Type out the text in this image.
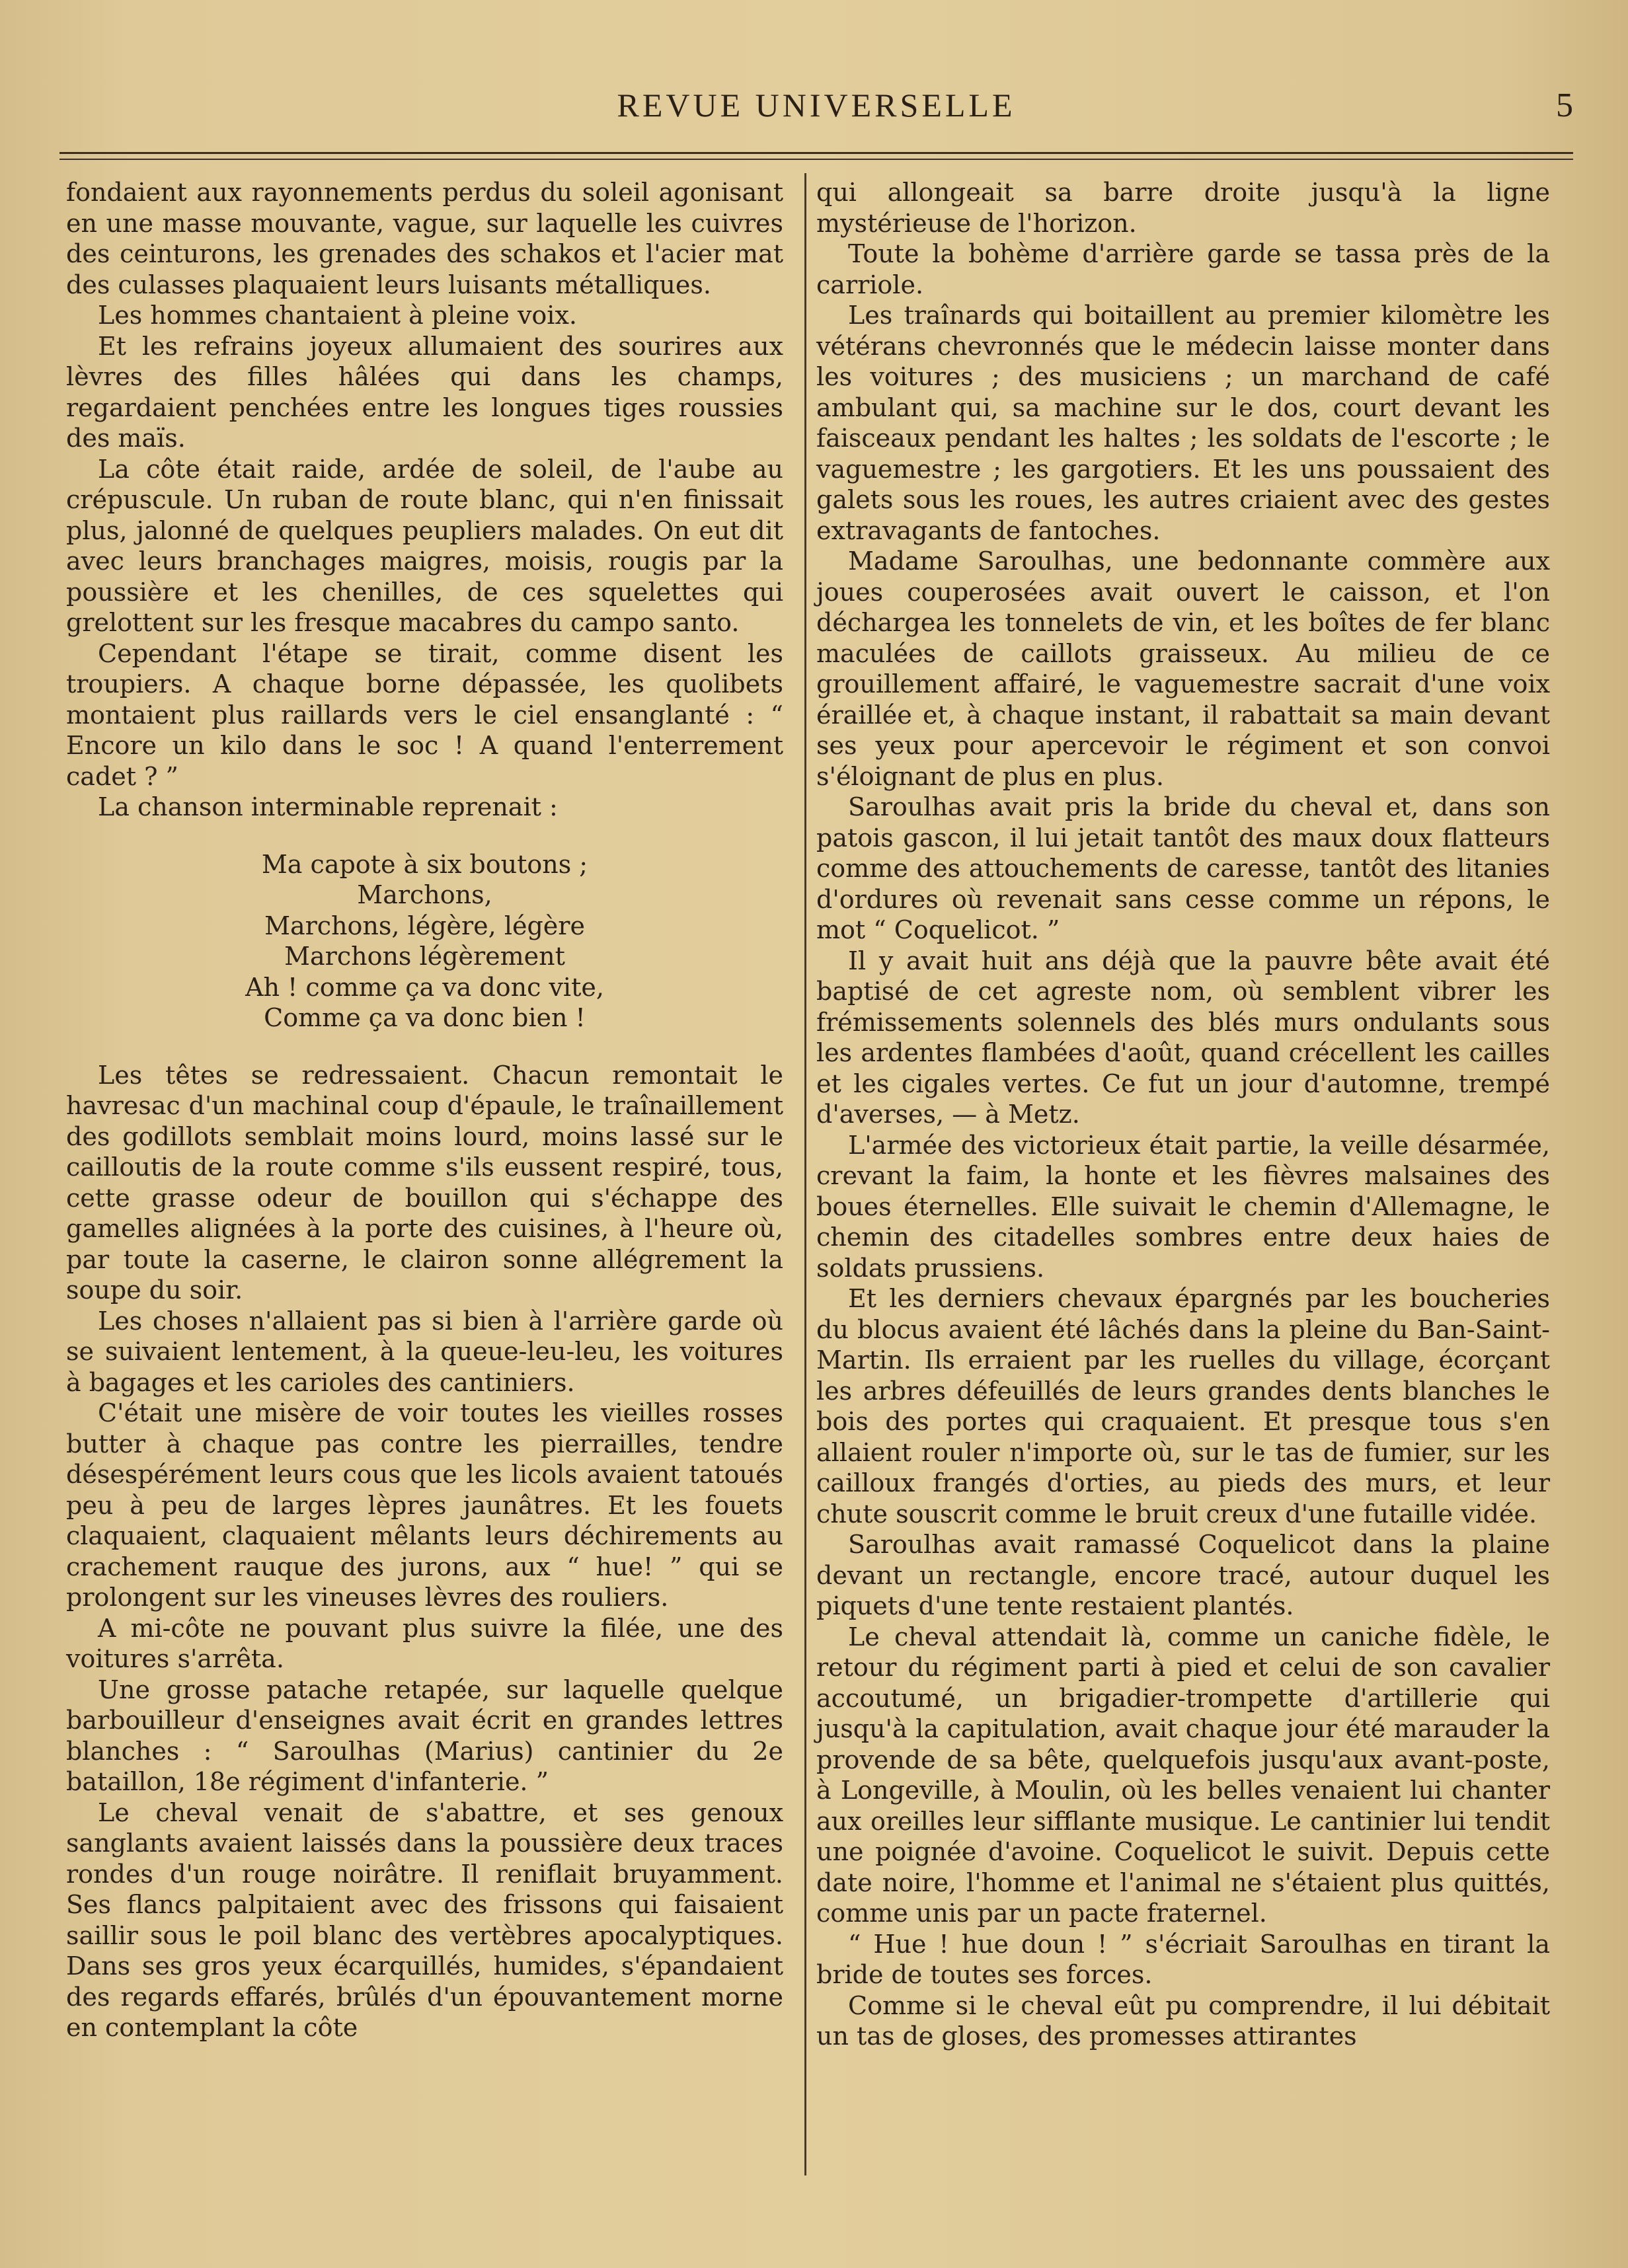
REVUE UNIVERSELLE	5

fondaient aux rayonnements perdus du soleil agonisant en une masse mouvante, vague, sur laquelle les cuivres des ceinturons, les grenades des schakos et l'acier mat des culasses plaquaient leurs luisants métalliques.

Les hommes chantaient à pleine voix.

Et les refrains joyeux allumaient des sourires aux lèvres des filles hâlées qui dans les champs, regardaient penchées entre les longues tiges roussies des maïs.

La côte était raide, ardée de soleil, de l'aube au crépuscule. Un ruban de route blanc, qui n'en finissait plus, jalonné de quelques peupliers malades. On eut dit avec leurs branchages maigres, moisis, rougis par la poussière et les chenilles, de ces squelettes qui grelottent sur les fresque macabres du campo santo.

Cependant l'étape se tirait, comme disent les troupiers. A chaque borne dépassée, les quolibets montaient plus raillards vers le ciel ensanglanté : “ Encore un kilo dans le soc ! A quand l'enterrement cadet ? ”

La chanson interminable reprenait :

Ma capote à six boutons ;
Marchons,
Marchons, légère, légère
Marchons légèrement
Ah ! comme ça va donc vite,
Comme ça va donc bien !

Les têtes se redressaient. Chacun remontait le havresac d'un machinal coup d'épaule, le traînaillement des godillots semblait moins lourd, moins lassé sur le cailloutis de la route comme s'ils eussent respiré, tous, cette grasse odeur de bouillon qui s'échappe des gamelles alignées à la porte des cuisines, à l'heure où, par toute la caserne, le clairon sonne allégrement la soupe du soir.

Les choses n'allaient pas si bien à l'arrière garde où se suivaient lentement, à la queue-leu-leu, les voitures à bagages et les carioles des cantiniers.

C'était une misère de voir toutes les vieilles rosses butter à chaque pas contre les pierrailles, tendre désespérément leurs cous que les licols avaient tatoués peu à peu de larges lèpres jaunâtres. Et les fouets claquaient, claquaient mêlants leurs déchirements au crachement rauque des jurons, aux “ hue! ” qui se prolongent sur les vineuses lèvres des rouliers.

A mi-côte ne pouvant plus suivre la filée, une des voitures s'arrêta.

Une grosse patache retapée, sur laquelle quelque barbouilleur d'enseignes avait écrit en grandes lettres blanches : “ Saroulhas (Marius) cantinier du 2e bataillon, 18e régiment d'infanterie. ”

Le cheval venait de s'abattre, et ses genoux sanglants avaient laissés dans la poussière deux traces rondes d'un rouge noirâtre. Il reniflait bruyamment. Ses flancs palpitaient avec des frissons qui faisaient saillir sous le poil blanc des vertèbres apocalyptiques. Dans ses gros yeux écarquillés, humides, s'épandaient des regards effarés, brûlés d'un épouvantement morne en contemplant la côte

qui allongeait sa barre droite jusqu'à la ligne mystérieuse de l'horizon.

Toute la bohème d'arrière garde se tassa près de la carriole.

Les traînards qui boitaillent au premier kilomètre les vétérans chevronnés que le médecin laisse monter dans les voitures ; des musiciens ; un marchand de café ambulant qui, sa machine sur le dos, court devant les faisceaux pendant les haltes ; les soldats de l'escorte ; le vaguemestre ; les gargotiers. Et les uns poussaient des galets sous les roues, les autres criaient avec des gestes extravagants de fantoches.

Madame Saroulhas, une bedonnante commère aux joues couperosées avait ouvert le caisson, et l'on déchargea les tonnelets de vin, et les boîtes de fer blanc maculées de caillots graisseux. Au milieu de ce grouillement affairé, le vaguemestre sacrait d'une voix éraillée et, à chaque instant, il rabattait sa main devant ses yeux pour apercevoir le régiment et son convoi s'éloignant de plus en plus.

Saroulhas avait pris la bride du cheval et, dans son patois gascon, il lui jetait tantôt des maux doux flatteurs comme des attouchements de caresse, tantôt des litanies d'ordures où revenait sans cesse comme un répons, le mot “ Coquelicot. ”

Il y avait huit ans déjà que la pauvre bête avait été baptisé de cet agreste nom, où semblent vibrer les frémissements solennels des blés murs ondulants sous les ardentes flambées d'août, quand crécellent les cailles et les cigales vertes. Ce fut un jour d'automne, trempé d'averses, — à Metz.

L'armée des victorieux était partie, la veille désarmée, crevant la faim, la honte et les fièvres malsaines des boues éternelles. Elle suivait le chemin d'Allemagne, le chemin des citadelles sombres entre deux haies de soldats prussiens.

Et les derniers chevaux épargnés par les boucheries du blocus avaient été lâchés dans la pleine du Ban-Saint-Martin. Ils erraient par les ruelles du village, écorçant les arbres défeuillés de leurs grandes dents blanches le bois des portes qui craquaient. Et presque tous s'en allaient rouler n'importe où, sur le tas de fumier, sur les cailloux frangés d'orties, au pieds des murs, et leur chute souscrit comme le bruit creux d'une futaille vidée.

Saroulhas avait ramassé Coquelicot dans la plaine devant un rectangle, encore tracé, autour duquel les piquets d'une tente restaient plantés.

Le cheval attendait là, comme un caniche fidèle, le retour du régiment parti à pied et celui de son cavalier accoutumé, un brigadier-trompette d'artillerie qui jusqu'à la capitulation, avait chaque jour été marauder la provende de sa bête, quelquefois jusqu'aux avant-poste, à Longeville, à Moulin, où les belles venaient lui chanter aux oreilles leur sifflante musique. Le cantinier lui tendit une poignée d'avoine. Coquelicot le suivit. Depuis cette date noire, l'homme et l'animal ne s'étaient plus quittés, comme unis par un pacte fraternel.

“ Hue ! hue doun ! ” s'écriait Saroulhas en tirant la bride de toutes ses forces.

Comme si le cheval eût pu comprendre, il lui débitait un tas de gloses, des promesses attirantes
